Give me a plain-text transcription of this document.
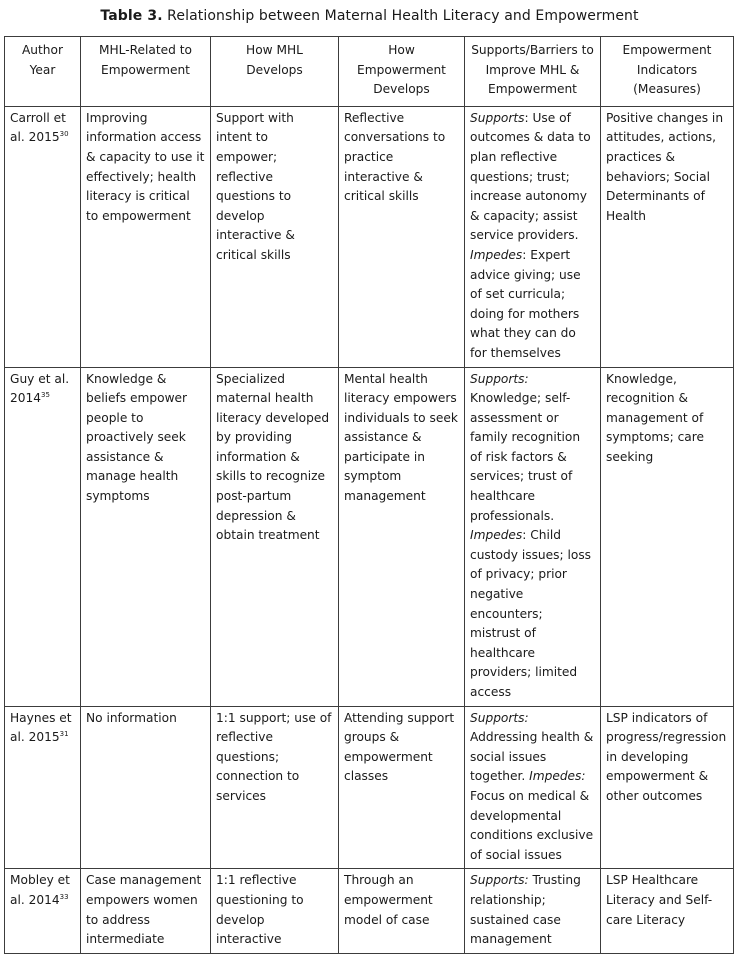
Table 3. Relationship between Maternal Health Literacy and Empowerment
Author Year	MHL-Related to Empowerment	How MHL Develops	How Empowerment Develops	Supports/Barriers to Improve MHL & Empowerment	Empowerment Indicators (Measures)
Carroll et al. 2015$^{30}$	Improving information access & capacity to use it effectively; health literacy is critical to empowerment	Support with intent to empower; reflective questions to develop interactive & critical skills	Reflective conversations to practice interactive & critical skills	Supports: Use of outcomes & data to plan reflective questions; trust; increase autonomy & capacity; assist service providers. Impedes: Expert advice giving; use of set curricula; doing for mothers what they can do for themselves	Positive changes in attitudes, actions, practices & behaviors; Social Determinants of Health
Guy et al. 2014$^{35}$	Knowledge & beliefs empower people to proactively seek assistance & manage health symptoms	Specialized maternal health literacy developed by providing information & skills to recognize post-partum depression & obtain treatment	Mental health literacy empowers individuals to seek assistance & participate in symptom management	Supports: Knowledge; self-assessment or family recognition of risk factors & services; trust of healthcare professionals. Impedes: Child custody issues; loss of privacy; prior negative encounters; mistrust of healthcare providers; limited access	Knowledge, recognition & management of symptoms; care seeking
Haynes et al. 2015$^{31}$	No information	1:1 support; use of reflective questions; connection to services	Attending support groups & empowerment classes	Supports: Addressing health & social issues together. Impedes: Focus on medical & developmental conditions exclusive of social issues	LSP indicators of progress/regression in developing empowerment & other outcomes
Mobley et al. 2014$^{33}$	Case management empowers women to address intermediate	1:1 reflective questioning to develop interactive	Through an empowerment model of case	Supports: Trusting relationship; sustained case management	LSP Healthcare Literacy and Self-care Literacy
